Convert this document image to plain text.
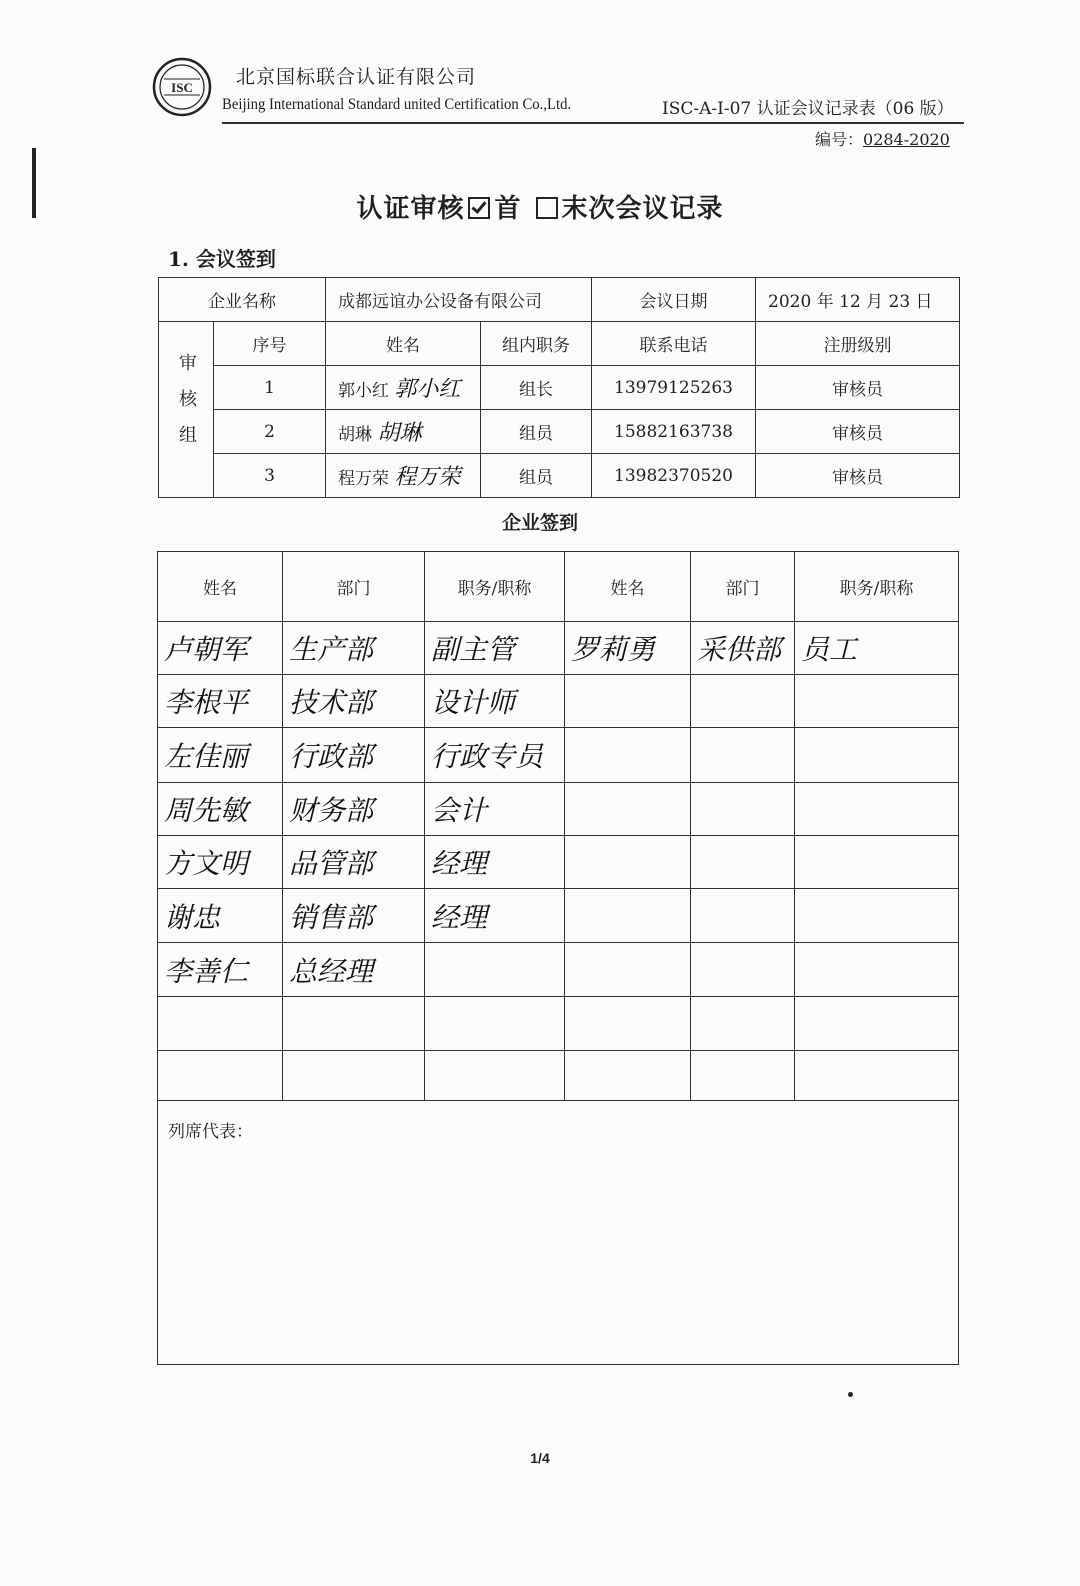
ISC 北京国标联合认证有限公司
Beijing International Standard united Certification Co.,Ltd.	ISC-A-I-07 认证会议记录表（06 版）
编号：0284-2020
认证审核 首 末次会议记录
1. 会议签到
企业名称		成都远谊办公设备有限公司		会议日期	2020 年 12 月 23 日
审核组	序号	姓名	组内职务	联系电话	注册级别
	1	郭小红 郭小红	组长	13979125263	审核员
	2	胡琳 胡琳	组员	15882163738	审核员
	3	程万荣 程万荣	组员	13982370520	审核员
企业签到
姓名	部门	职务/职称	姓名	部门	职务/职称
卢朝军	生产部	副主管	罗莉勇	采供部	员工
李根平	技术部	设计师			
左佳丽	行政部	行政专员			
周先敏	财务部	会计			
方文明	品管部	经理			
谢忠	销售部	经理			
李善仁	总经理				

列席代表：					
1/4
